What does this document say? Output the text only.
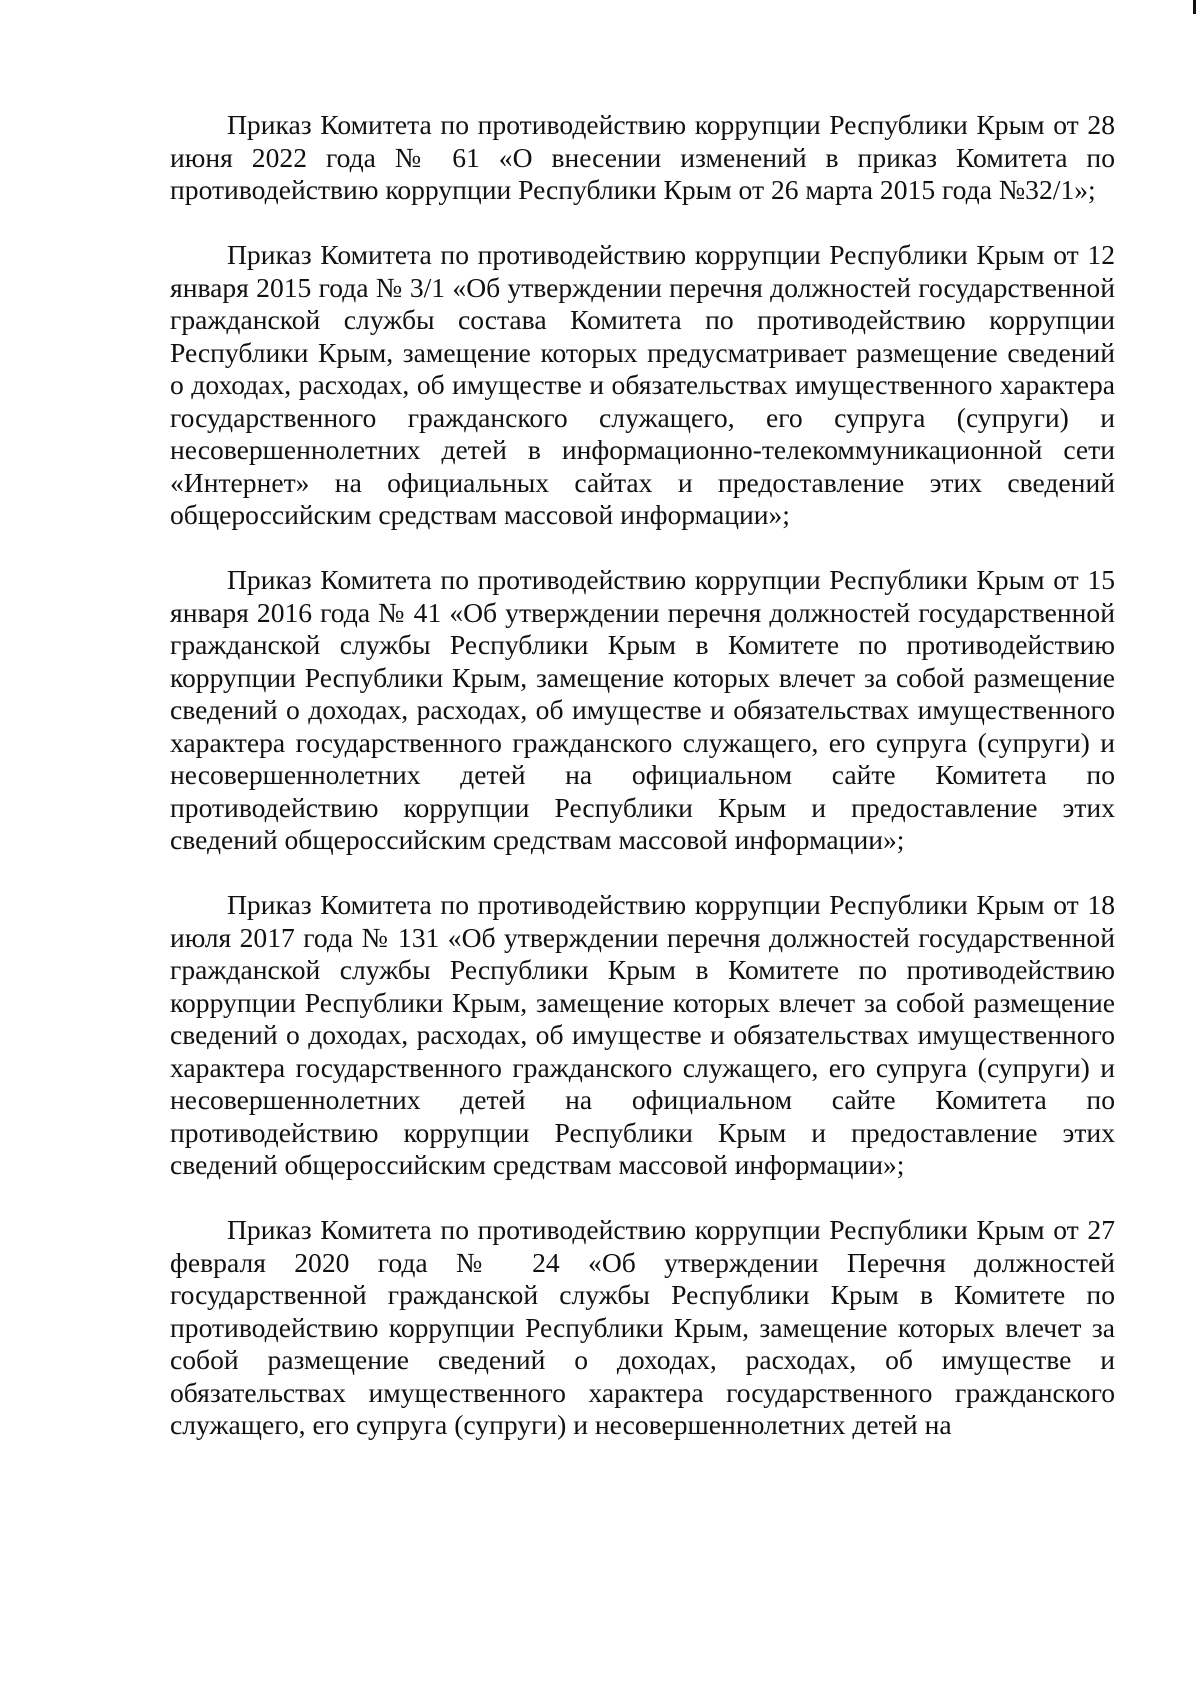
Приказ Комитета по противодействию коррупции Республики Крым от 28 июня 2022 года № 61 «О внесении изменений в приказ Комитета по противодействию коррупции Республики Крым от 26 марта 2015 года №32/1»;

Приказ Комитета по противодействию коррупции Республики Крым от 12 января 2015 года № 3/1 «Об утверждении перечня должностей государственной гражданской службы состава Комитета по противодействию коррупции Республики Крым, замещение которых предусматривает размещение сведений о доходах, расходах, об имуществе и обязательствах имущественного характера государственного гражданского служащего, его супруга (супруги) и несовершеннолетних детей в информационно-телекоммуникационной сети «Интернет» на официальных сайтах и предоставление этих сведений общероссийским средствам массовой информации»;

Приказ Комитета по противодействию коррупции Республики Крым от 15 января 2016 года № 41 «Об утверждении перечня должностей государственной гражданской службы Республики Крым в Комитете по противодействию коррупции Республики Крым, замещение которых влечет за собой размещение сведений о доходах, расходах, об имуществе и обязательствах имущественного характера государственного гражданского служащего, его супруга (супруги) и несовершеннолетних детей на официальном сайте Комитета по противодействию коррупции Республики Крым и предоставление этих сведений общероссийским средствам массовой информации»;

Приказ Комитета по противодействию коррупции Республики Крым от 18 июля 2017 года № 131 «Об утверждении перечня должностей государственной гражданской службы Республики Крым в Комитете по противодействию коррупции Республики Крым, замещение которых влечет за собой размещение сведений о доходах, расходах, об имуществе и обязательствах имущественного характера государственного гражданского служащего, его супруга (супруги) и несовершеннолетних детей на официальном сайте Комитета по противодействию коррупции Республики Крым и предоставление этих сведений общероссийским средствам массовой информации»;

Приказ Комитета по противодействию коррупции Республики Крым от 27 февраля 2020 года № 24 «Об утверждении Перечня должностей государственной гражданской службы Республики Крым в Комитете по противодействию коррупции Республики Крым, замещение которых влечет за собой размещение сведений о доходах, расходах, об имуществе и обязательствах имущественного характера государственного гражданского служащего, его супруга (супруги) и несовершеннолетних детей на
